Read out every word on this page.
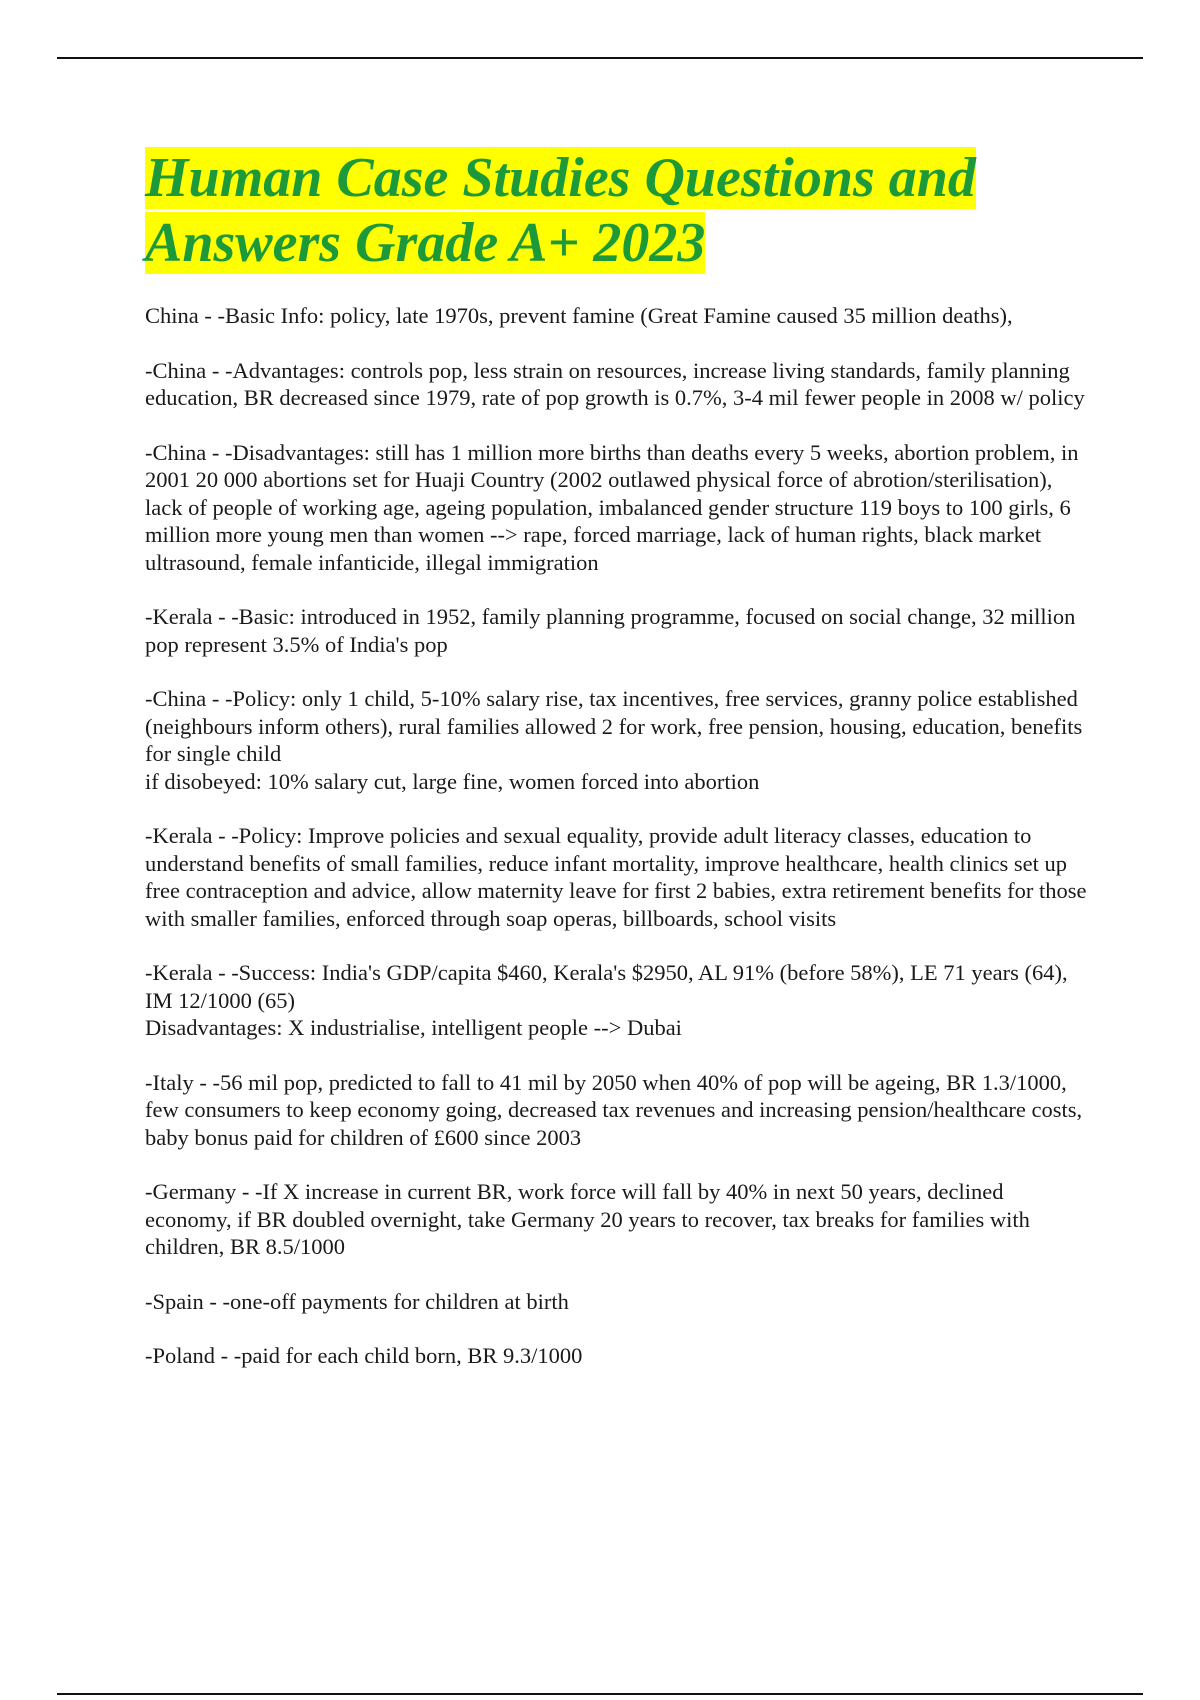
Human Case Studies Questions and
Answers Grade A+ 2023

China - -Basic Info: policy, late 1970s, prevent famine (Great Famine caused 35 million deaths),

-China - -Advantages: controls pop, less strain on resources, increase living standards, family planning education, BR decreased since 1979, rate of pop growth is 0.7%, 3-4 mil fewer people in 2008 w/ policy

-China - -Disadvantages: still has 1 million more births than deaths every 5 weeks, abortion problem, in 2001 20 000 abortions set for Huaji Country (2002 outlawed physical force of abrotion/sterilisation), lack of people of working age, ageing population, imbalanced gender structure 119 boys to 100 girls, 6 million more young men than women --> rape, forced marriage, lack of human rights, black market ultrasound, female infanticide, illegal immigration

-Kerala - -Basic: introduced in 1952, family planning programme, focused on social change, 32 million pop represent 3.5% of India's pop

-China - -Policy: only 1 child, 5-10% salary rise, tax incentives, free services, granny police established (neighbours inform others), rural families allowed 2 for work, free pension, housing, education, benefits for single child
if disobeyed: 10% salary cut, large fine, women forced into abortion

-Kerala - -Policy: Improve policies and sexual equality, provide adult literacy classes, education to understand benefits of small families, reduce infant mortality, improve healthcare, health clinics set up free contraception and advice, allow maternity leave for first 2 babies, extra retirement benefits for those with smaller families, enforced through soap operas, billboards, school visits

-Kerala - -Success: India's GDP/capita $460, Kerala's $2950, AL 91% (before 58%), LE 71 years (64), IM 12/1000 (65)
Disadvantages: X industrialise, intelligent people --> Dubai

-Italy - -56 mil pop, predicted to fall to 41 mil by 2050 when 40% of pop will be ageing, BR 1.3/1000, few consumers to keep economy going, decreased tax revenues and increasing pension/healthcare costs, baby bonus paid for children of £600 since 2003

-Germany - -If X increase in current BR, work force will fall by 40% in next 50 years, declined economy, if BR doubled overnight, take Germany 20 years to recover, tax breaks for families with children, BR 8.5/1000

-Spain - -one-off payments for children at birth

-Poland - -paid for each child born, BR 9.3/1000
